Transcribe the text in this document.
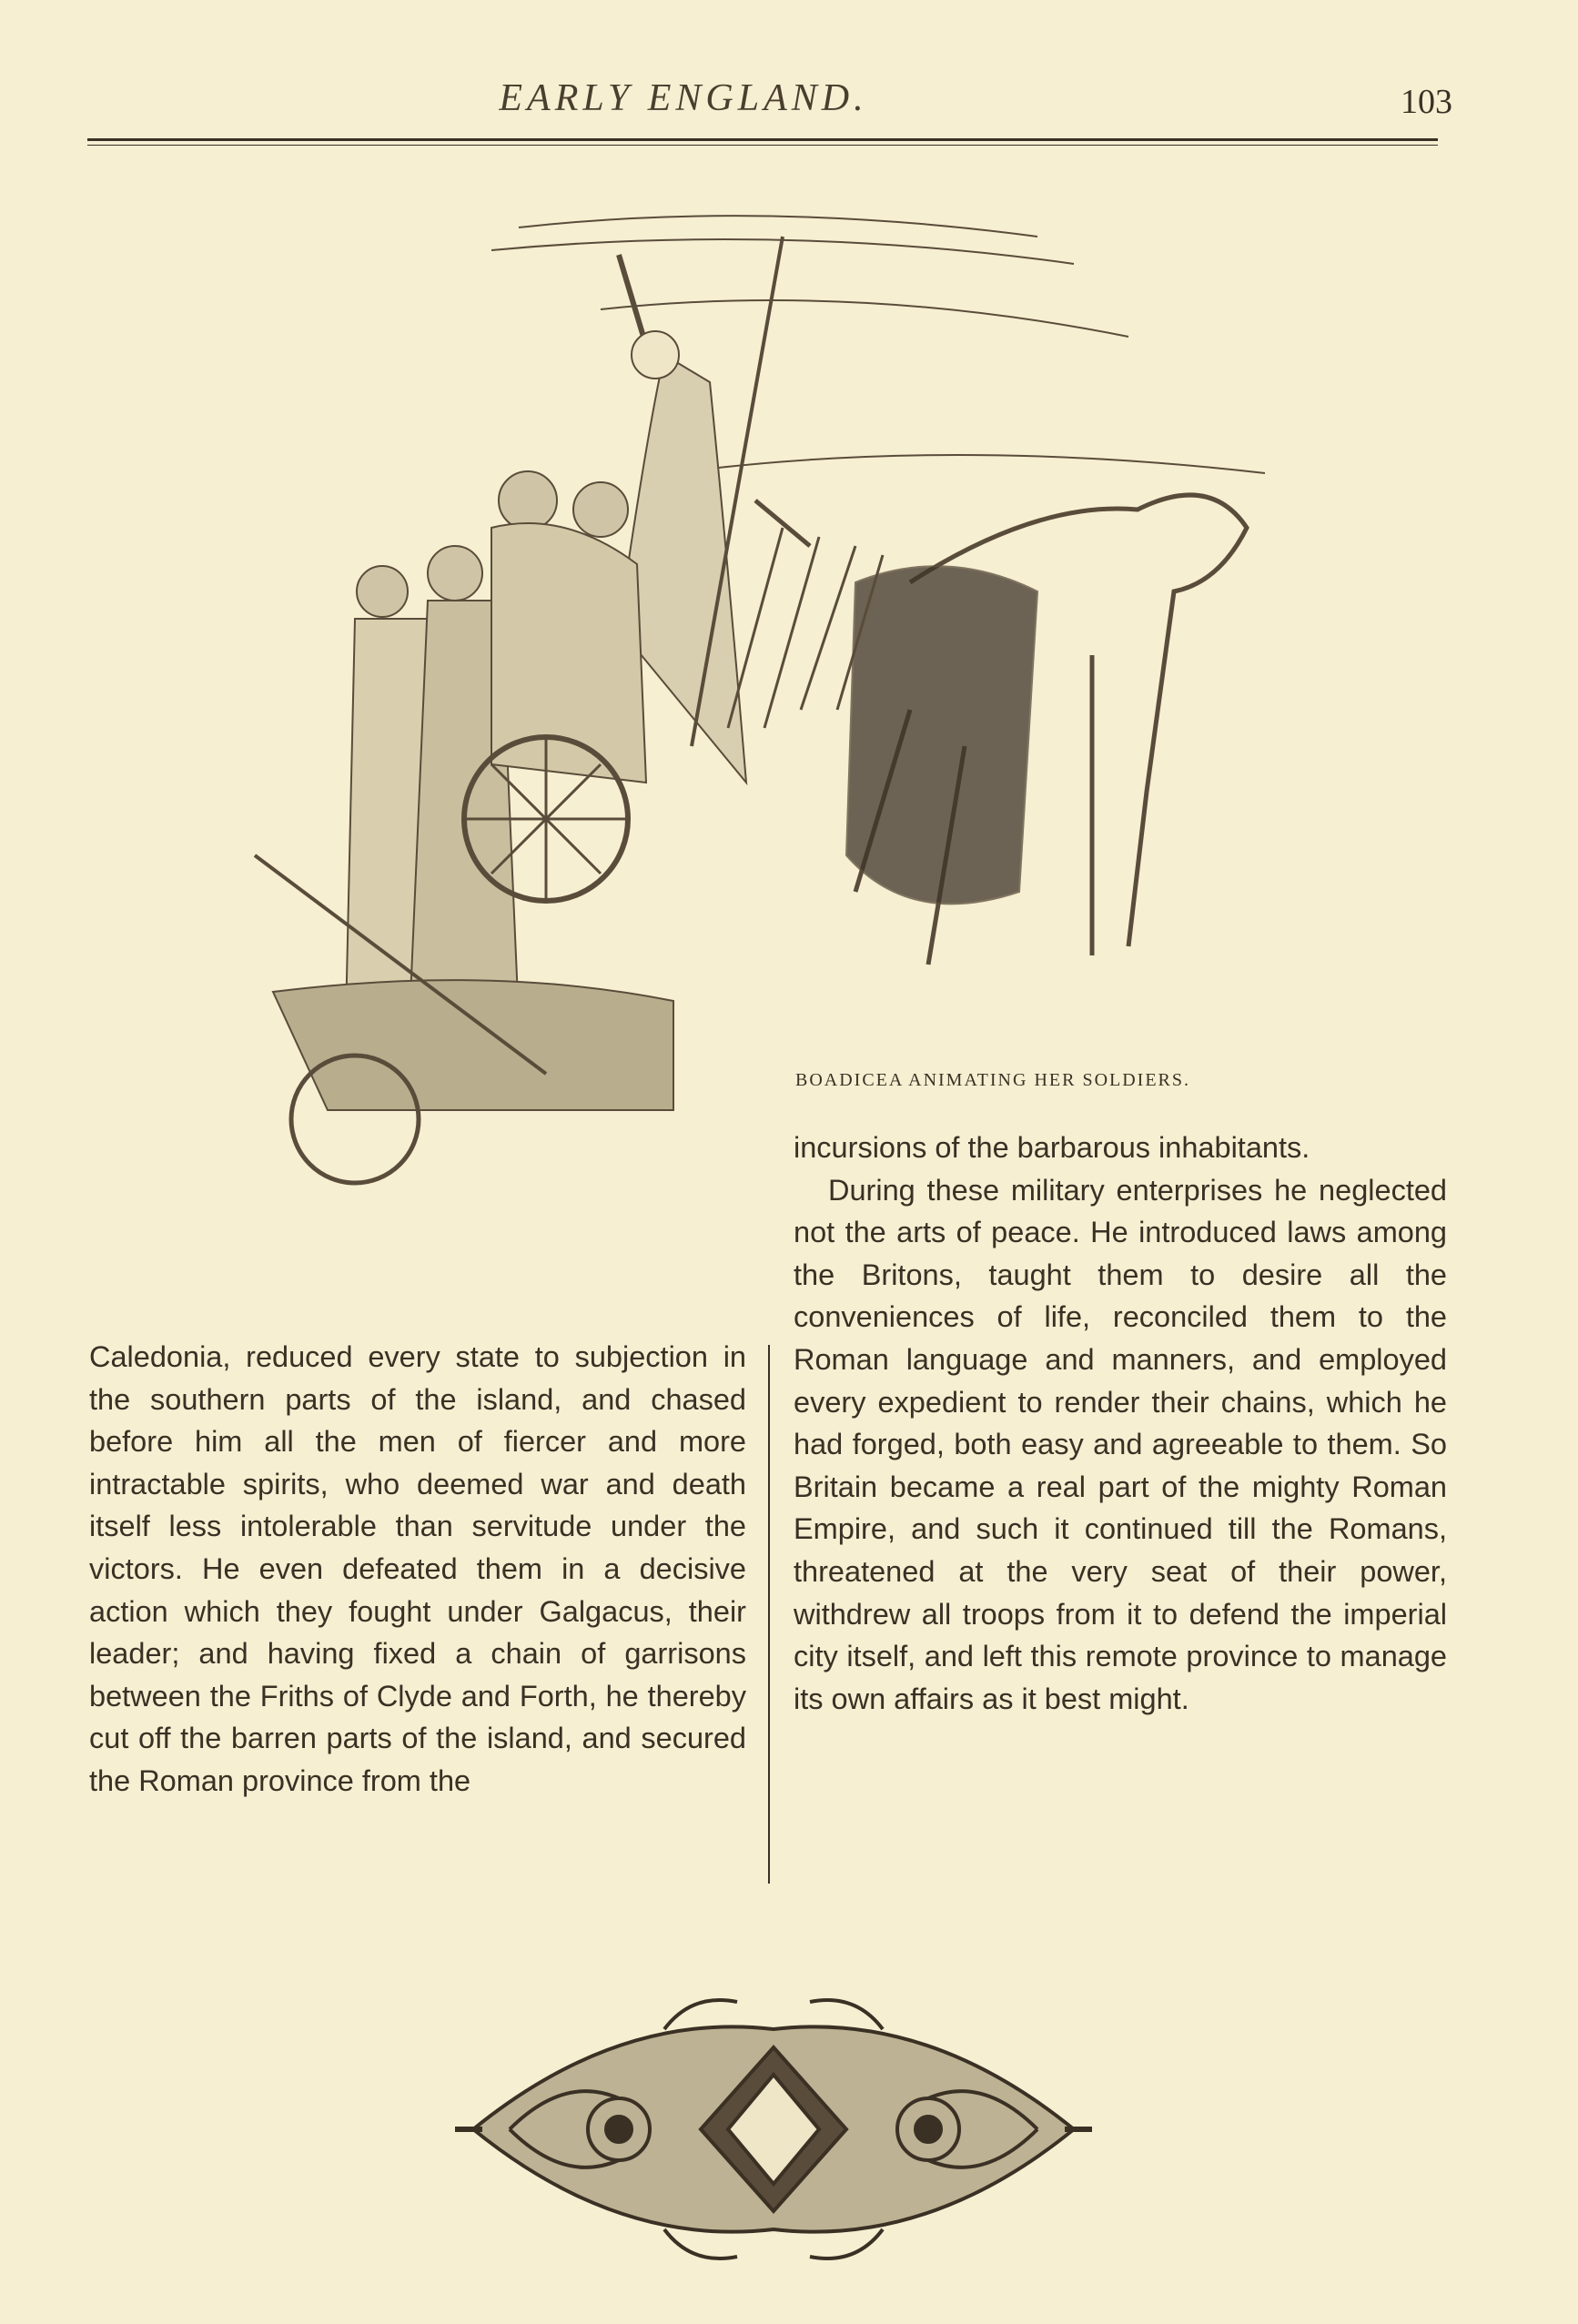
EARLY ENGLAND.	103
BOADICEA ANIMATING HER SOLDIERS.

incursions of the barbarous inhabitants.

During these military enterprises he neglected not the arts of peace. He introduced laws among the Britons, taught them to desire all the conveniences of life, reconciled them to the Roman language and manners, and employed every expedient to render their chains, which he had forged, both easy and agreeable to them. So Britain became a real part of the mighty Roman Empire, and such it continued till the Romans, threatened at the very seat of their power, withdrew all troops from it to defend the imperial city itself, and left this remote province to manage its own affairs as it best might.

Caledonia, reduced every state to subjection in the southern parts of the island, and chased before him all the men of fiercer and more intractable spirits, who deemed war and death itself less intolerable than servitude under the victors. He even defeated them in a decisive action which they fought under Galgacus, their leader; and having fixed a chain of garrisons between the Friths of Clyde and Forth, he thereby cut off the barren parts of the island, and secured the Roman province from the
